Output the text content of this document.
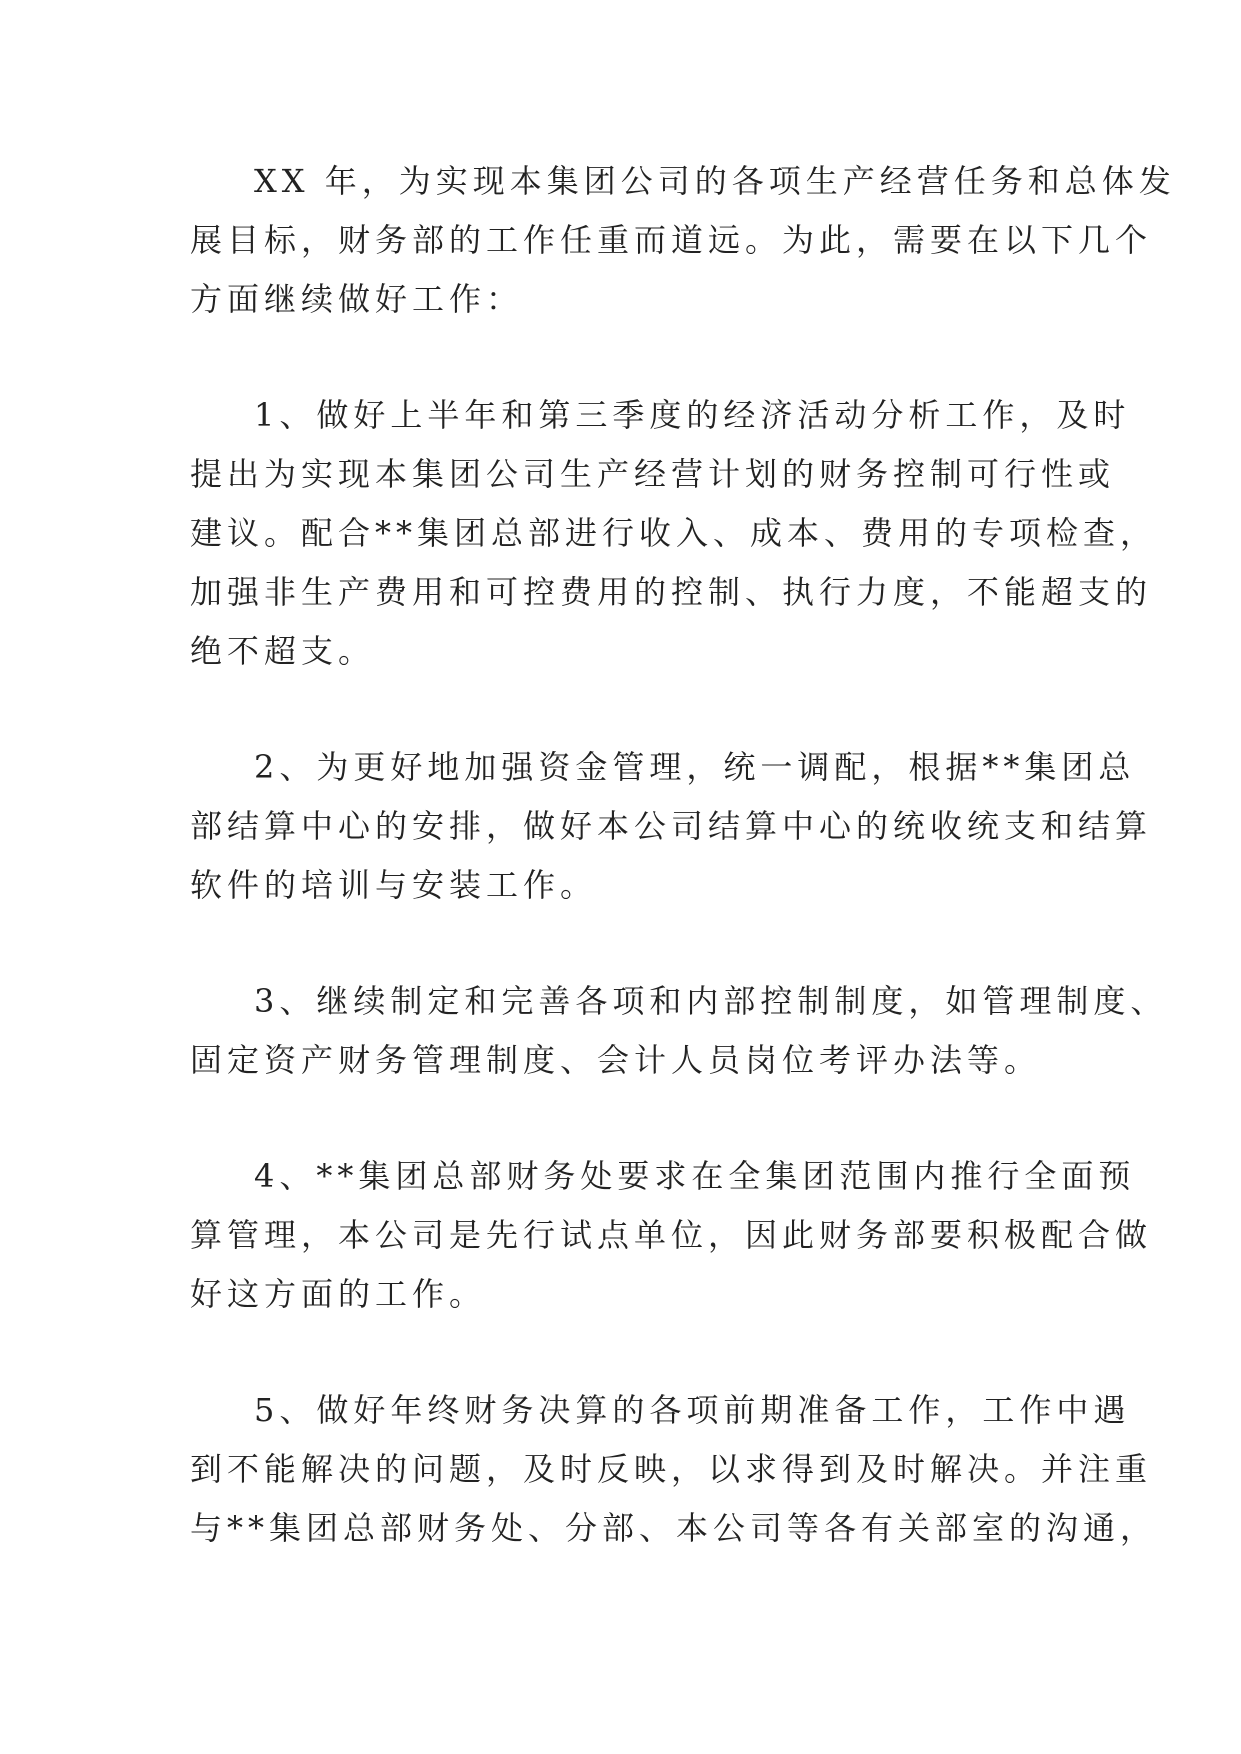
XX 年，为实现本集团公司的各项生产经营任务和总体发
展目标，财务部的工作任重而道远。为此，需要在以下几个
方面继续做好工作：
1、做好上半年和第三季度的经济活动分析工作，及时
提出为实现本集团公司生产经营计划的财务控制可行性或
建议。配合**集团总部进行收入、成本、费用的专项检查，
加强非生产费用和可控费用的控制、执行力度，不能超支的
绝不超支。
2、为更好地加强资金管理，统一调配，根据**集团总
部结算中心的安排，做好本公司结算中心的统收统支和结算
软件的培训与安装工作。
3、继续制定和完善各项和内部控制制度，如管理制度、
固定资产财务管理制度、会计人员岗位考评办法等。
4、**集团总部财务处要求在全集团范围内推行全面预
算管理，本公司是先行试点单位，因此财务部要积极配合做
好这方面的工作。
5、做好年终财务决算的各项前期准备工作，工作中遇
到不能解决的问题，及时反映，以求得到及时解决。并注重
与**集团总部财务处、分部、本公司等各有关部室的沟通，
